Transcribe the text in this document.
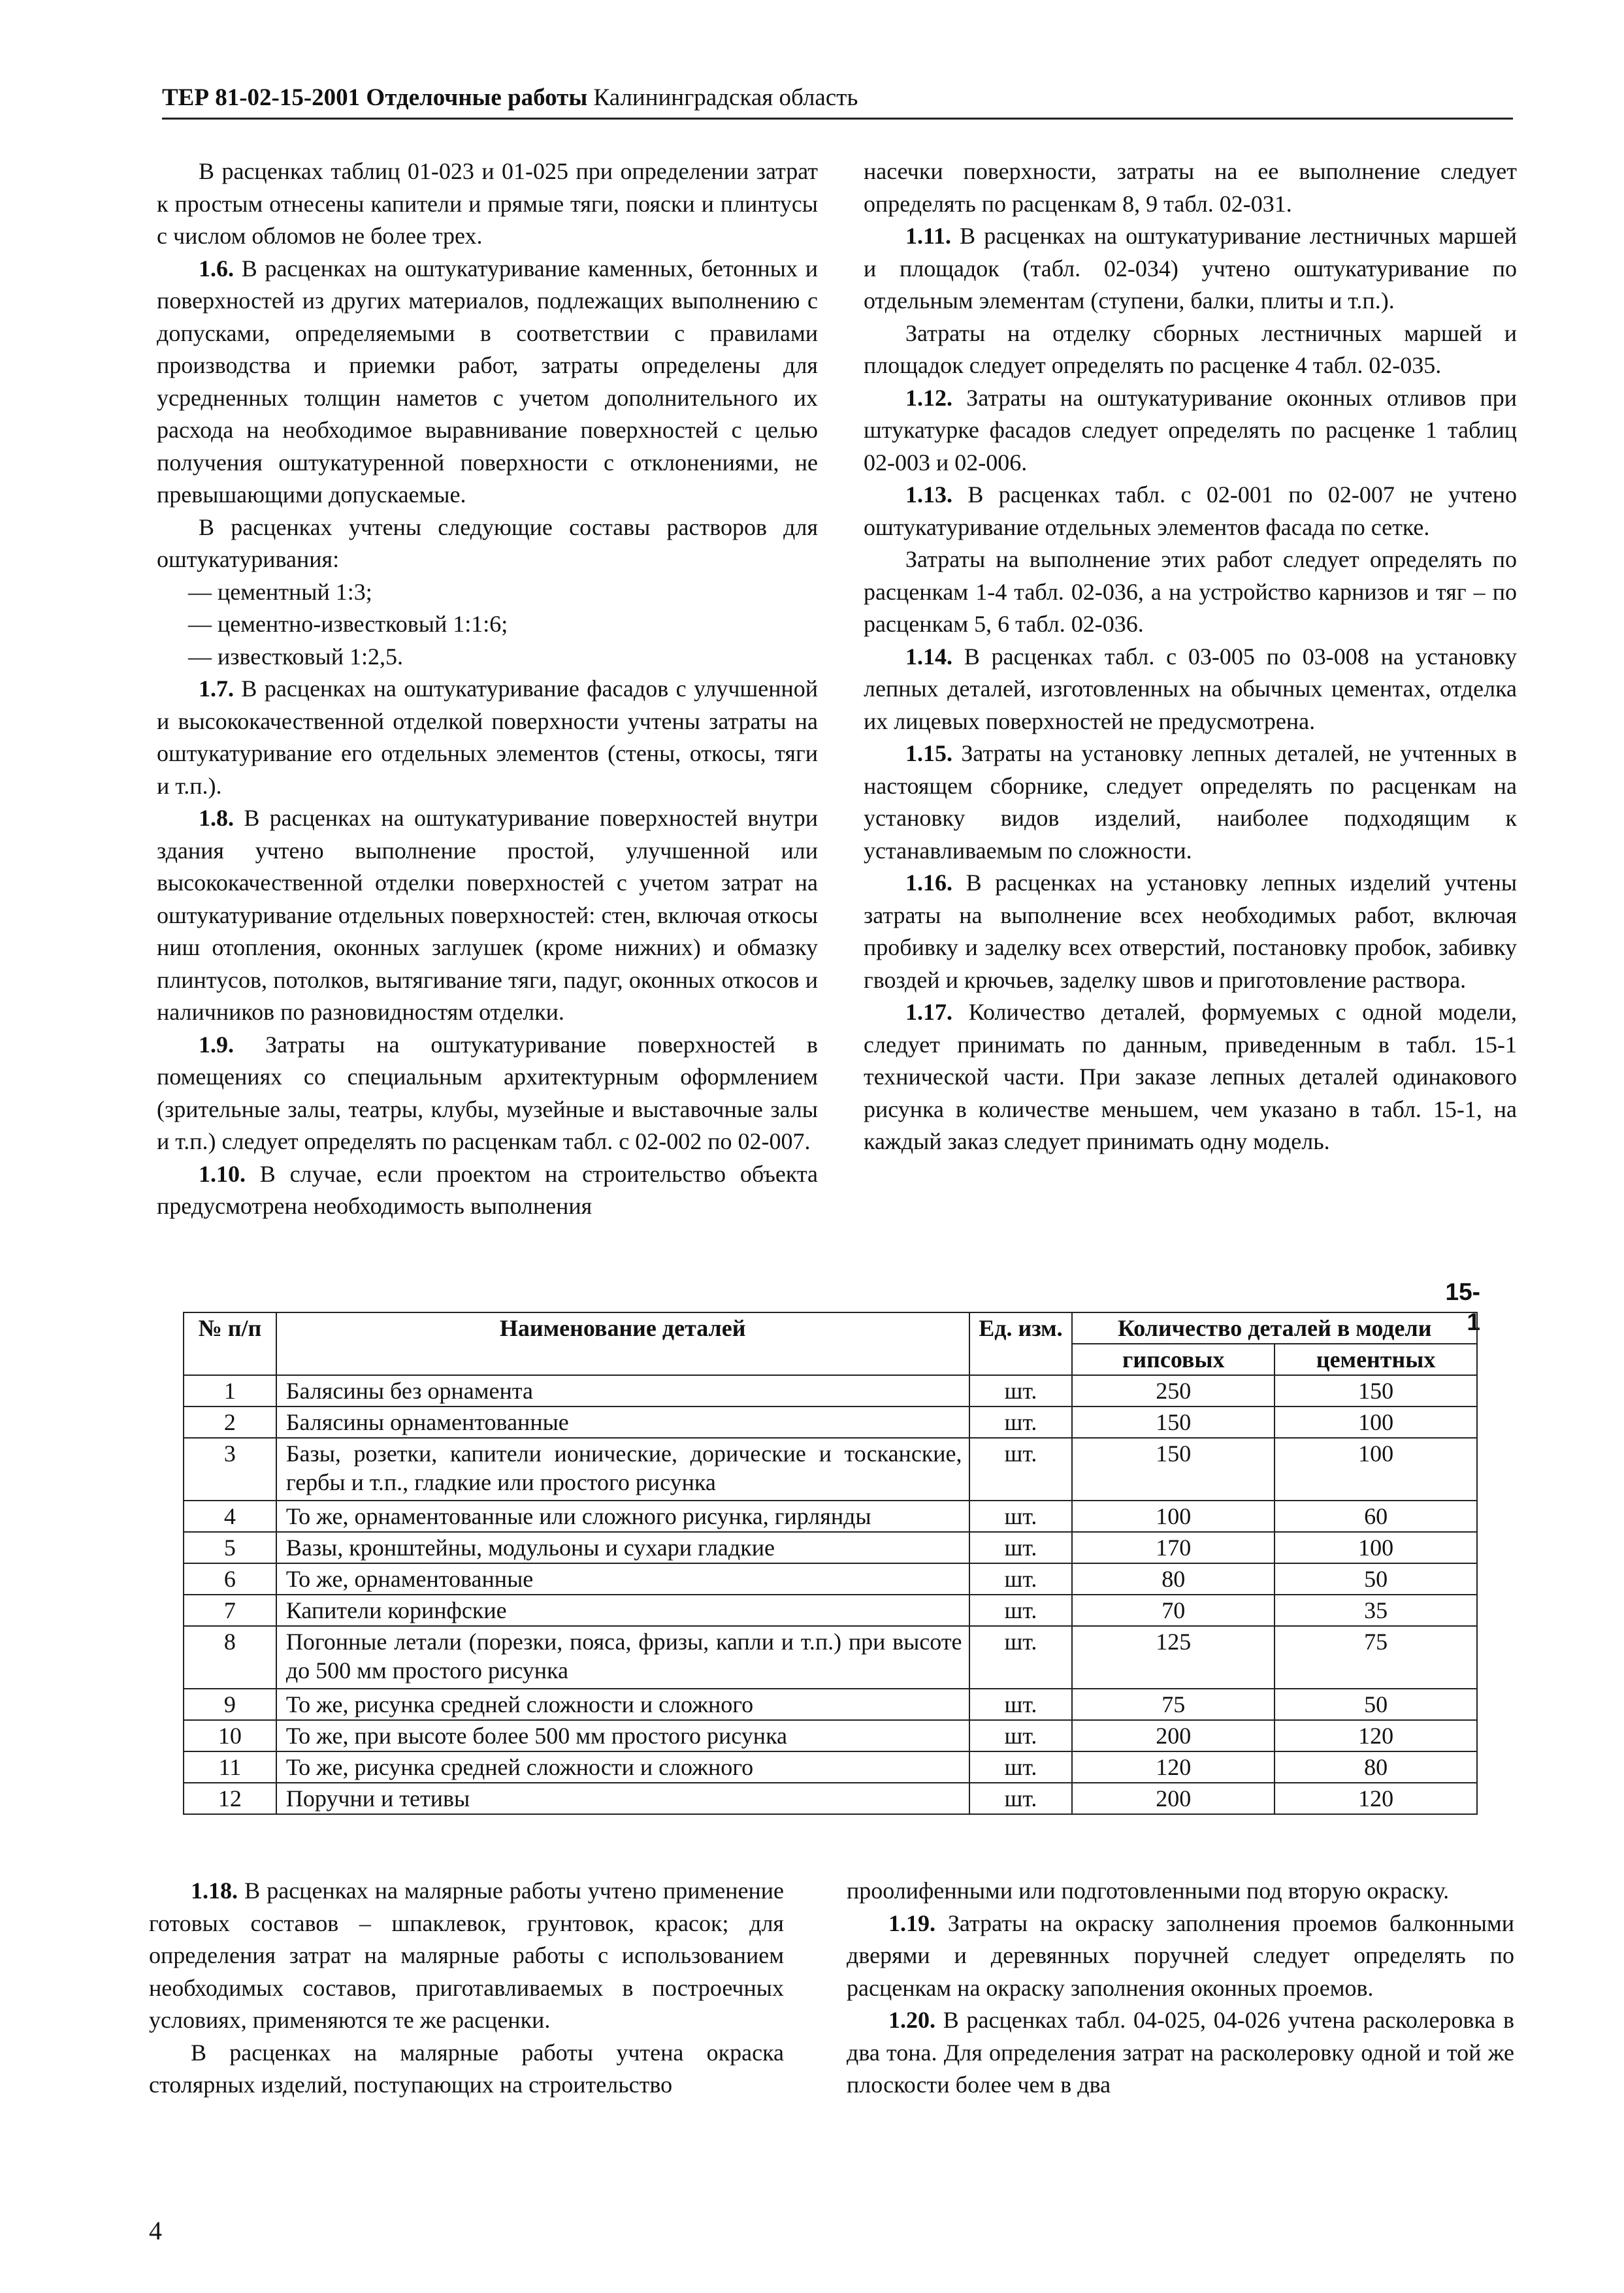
ТЕР 81-02-15-2001 Отделочные работы Калининградская область

В расценках таблиц 01-023 и 01-025 при определении затрат к простым отнесены капители и прямые тяги, пояски и плинтусы с числом обломов не более трех.

1.6. В расценках на оштукатуривание каменных, бетонных и поверхностей из других материалов, подлежащих выполнению с допусками, определяемыми в соответствии с правилами производства и приемки работ, затраты определены для усредненных толщин наметов с учетом дополнительного их расхода на необходимое выравнивание поверхностей с целью получения оштукатуренной поверхности с отклонениями, не превышающими допускаемые.

В расценках учтены следующие составы растворов для оштукатуривания:

— цементный 1:3;

— цементно-известковый 1:1:6;

— известковый 1:2,5.

1.7. В расценках на оштукатуривание фасадов с улучшенной и высококачественной отделкой поверхности учтены затраты на оштукатуривание его отдельных элементов (стены, откосы, тяги и т.п.).

1.8. В расценках на оштукатуривание поверхностей внутри здания учтено выполнение простой, улучшенной или высококачественной отделки поверхностей с учетом затрат на оштукатуривание отдельных поверхностей: стен, включая откосы ниш отопления, оконных заглушек (кроме нижних) и обмазку плинтусов, потолков, вытягивание тяги, падуг, оконных откосов и наличников по разновидностям отделки.

1.9. Затраты на оштукатуривание поверхностей в помещениях со специальным архитектурным оформлением (зрительные залы, театры, клубы, музейные и выставочные залы и т.п.) следует определять по расценкам табл. с 02-002 по 02-007.

1.10. В случае, если проектом на строительство объекта предусмотрена необходимость выполнения

насечки поверхности, затраты на ее выполнение следует определять по расценкам 8, 9 табл. 02-031.

1.11. В расценках на оштукатуривание лестничных маршей и площадок (табл. 02-034) учтено оштукатуривание по отдельным элементам (ступени, балки, плиты и т.п.).

Затраты на отделку сборных лестничных маршей и площадок следует определять по расценке 4 табл. 02-035.

1.12. Затраты на оштукатуривание оконных отливов при штукатурке фасадов следует определять по расценке 1 таблиц 02-003 и 02-006.

1.13. В расценках табл. с 02-001 по 02-007 не учтено оштукатуривание отдельных элементов фасада по сетке.

Затраты на выполнение этих работ следует определять по расценкам 1-4 табл. 02-036, а на устройство карнизов и тяг – по расценкам 5, 6 табл. 02-036.

1.14. В расценках табл. с 03-005 по 03-008 на установку лепных деталей, изготовленных на обычных цементах, отделка их лицевых поверхностей не предусмотрена.

1.15. Затраты на установку лепных деталей, не учтенных в настоящем сборнике, следует определять по расценкам на установку видов изделий, наиболее подходящим к устанавливаемым по сложности.

1.16. В расценках на установку лепных изделий учтены затраты на выполнение всех необходимых работ, включая пробивку и заделку всех отверстий, постановку пробок, забивку гвоздей и крючьев, заделку швов и приготовление раствора.

1.17. Количество деталей, формуемых с одной модели, следует принимать по данным, приведенным в табл. 15-1 технической части. При заказе лепных деталей одинакового рисунка в количестве меньшем, чем указано в табл. 15-1, на каждый заказ следует принимать одну модель.

15-1
№ п/п	Наименование деталей	Ед. изм.	Количество деталей в модели	
			гипсовых	цементных
1	Балясины без орнамента	шт.	250	150
2	Балясины орнаментованные	шт.	150	100
3	Базы, розетки, капители ионические, дорические и тосканские, гербы и т.п., гладкие или простого рисунка	шт.	150	100
4	То же, орнаментованные или сложного рисунка, гирлянды	шт.	100	60
5	Вазы, кронштейны, модульоны и сухари гладкие	шт.	170	100
6	То же, орнаментованные	шт.	80	50
7	Капители коринфские	шт.	70	35
8	Погонные летали (порезки, пояса, фризы, капли и т.п.) при высоте до 500 мм простого рисунка	шт.	125	75
9	То же, рисунка средней сложности и сложного	шт.	75	50
10	То же, при высоте более 500 мм простого рисунка	шт.	200	120
11	То же, рисунка средней сложности и сложного	шт.	120	80
12	Поручни и тетивы	шт.	200	120

1.18. В расценках на малярные работы учтено применение готовых составов – шпаклевок, грунтовок, красок; для определения затрат на малярные работы с использованием необходимых составов, приготавливаемых в построечных условиях, применяются те же расценки.

В расценках на малярные работы учтена окраска столярных изделий, поступающих на строительство

проолифенными или подготовленными под вторую окраску.

1.19. Затраты на окраску заполнения проемов балконными дверями и деревянных поручней следует определять по расценкам на окраску заполнения оконных проемов.

1.20. В расценках табл. 04-025, 04-026 учтена расколеровка в два тона. Для определения затрат на расколеровку одной и той же плоскости более чем в два

4
